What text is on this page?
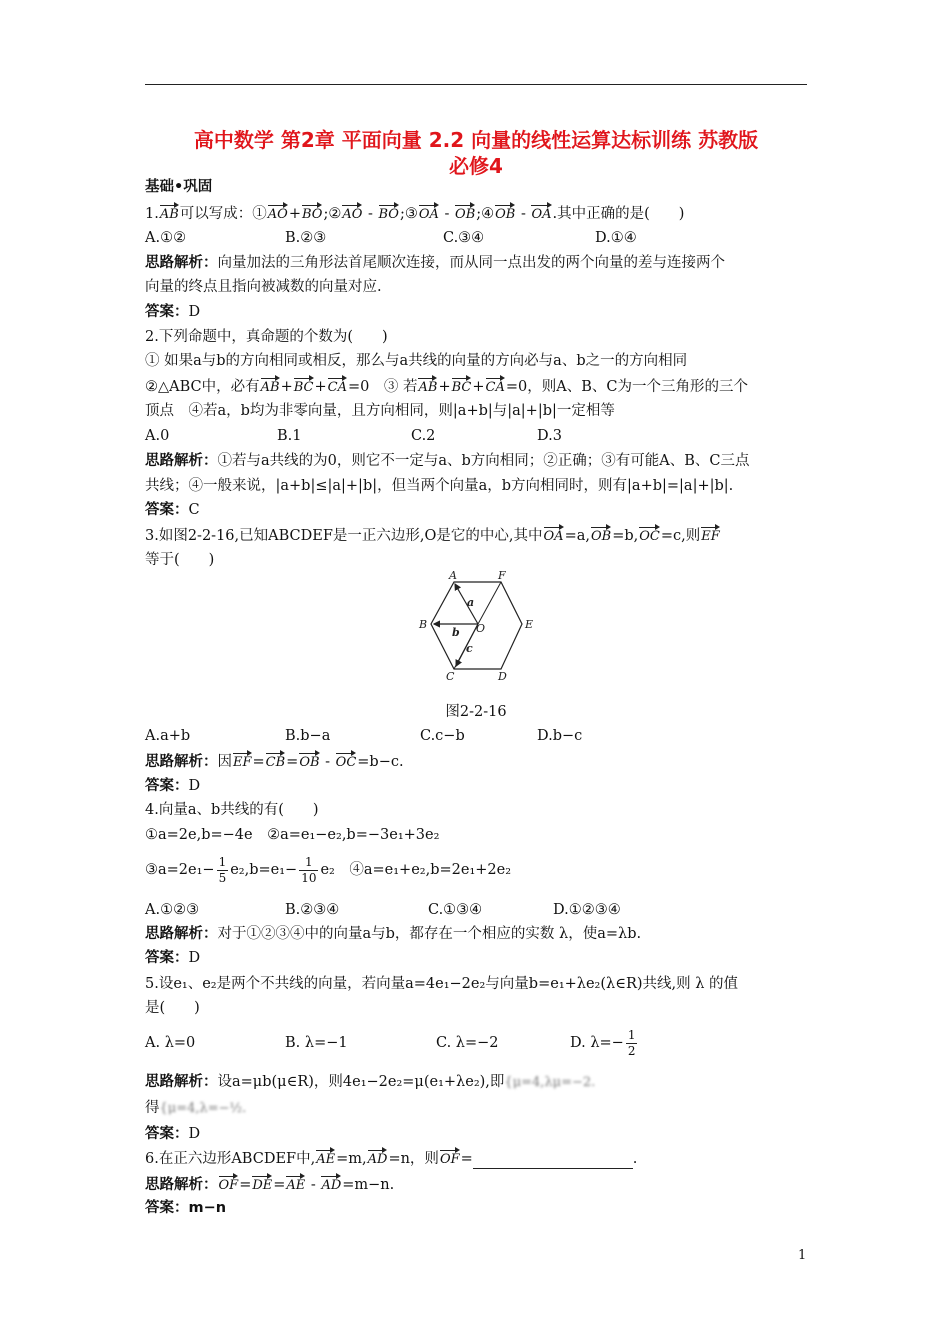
高中数学 第2章 平面向量 2.2 向量的线性运算达标训练 苏教版
必修4
基础•巩固
1.AB可以写成：①AO+BO;②AO - BO;③OA - OB;④OB - OA.其中正确的是(　　)
A.①②	B.②③	C.③④	D.①④
思路解析：向量加法的三角形法首尾顺次连接，而从同一点出发的两个向量的差与连接两个
向量的终点且指向被减数的向量对应.
答案：D
2.下列命题中，真命题的个数为(　　)
① 如果a与b的方向相同或相反，那么与a共线的向量的方向必与a、b之一的方向相同
②△ABC中，必有AB+BC+CA=0　 ③ 若AB+BC+CA=0，则A、B、C为一个三角形的三个
顶点　④若a，b均为非零向量，且方向相同，则|a+b|与|a|+|b|一定相等
A.0	B.1	C.2	D.3
思路解析：①若与a共线的为0，则它不一定与a、b方向相同；②正确；③有可能A、B、C三点
共线；④一般来说，|a+b|≤|a|+|b|，但当两个向量a，b方向相同时，则有|a+b|=|a|+|b|.
答案：C
3.如图2-2-16,已知ABCDEF是一正六边形,O是它的中心,其中OA=a,OB=b,OC=c,则EF
等于(　　)
A	F
B	O	E
C	D
a
b
c
图2-2-16
A.a+b	B.b−a	C.c−b	D.b−c
思路解析：因EF=CB=OB - OC=b−c.
答案：D
4.向量a、b共线的有(　　)
①a=2e,b=−4e　②a=e₁−e₂,b=−3e₁+3e₂
③a=2e₁− $\frac{1}{5} e_2,b=e_1- \frac{1}{10} e_2$　④a=e₁+e₂,b=2e₁+2e₂
A.①②③	B.②③④	C.①③④	D.①②③④
思路解析：对于①②③④中的向量a与b，都存在一个相应的实数 λ，使a=λb.
答案：D
5.设e₁、e₂是两个不共线的向量，若向量a=4e₁−2e₂与向量b=e₁+λe₂(λ∈R)共线,则 λ 的值
是(　　)
A. λ=0	B. λ=−1	C. λ=−2	D. $\lambda=- \frac{1}{2}$
思路解析：设a=μb(μ∈R)，则4e₁−2e₂=μ(e₁+λe₂),即{μ=4,λμ=−2.
得{μ=4,λ=−½.
答案：D
6.在正六边形ABCDEF中,AE=m,AD=n，则OF=	.
思路解析：OF=DE=AE - AD=m−n.
答案：m−n
1
